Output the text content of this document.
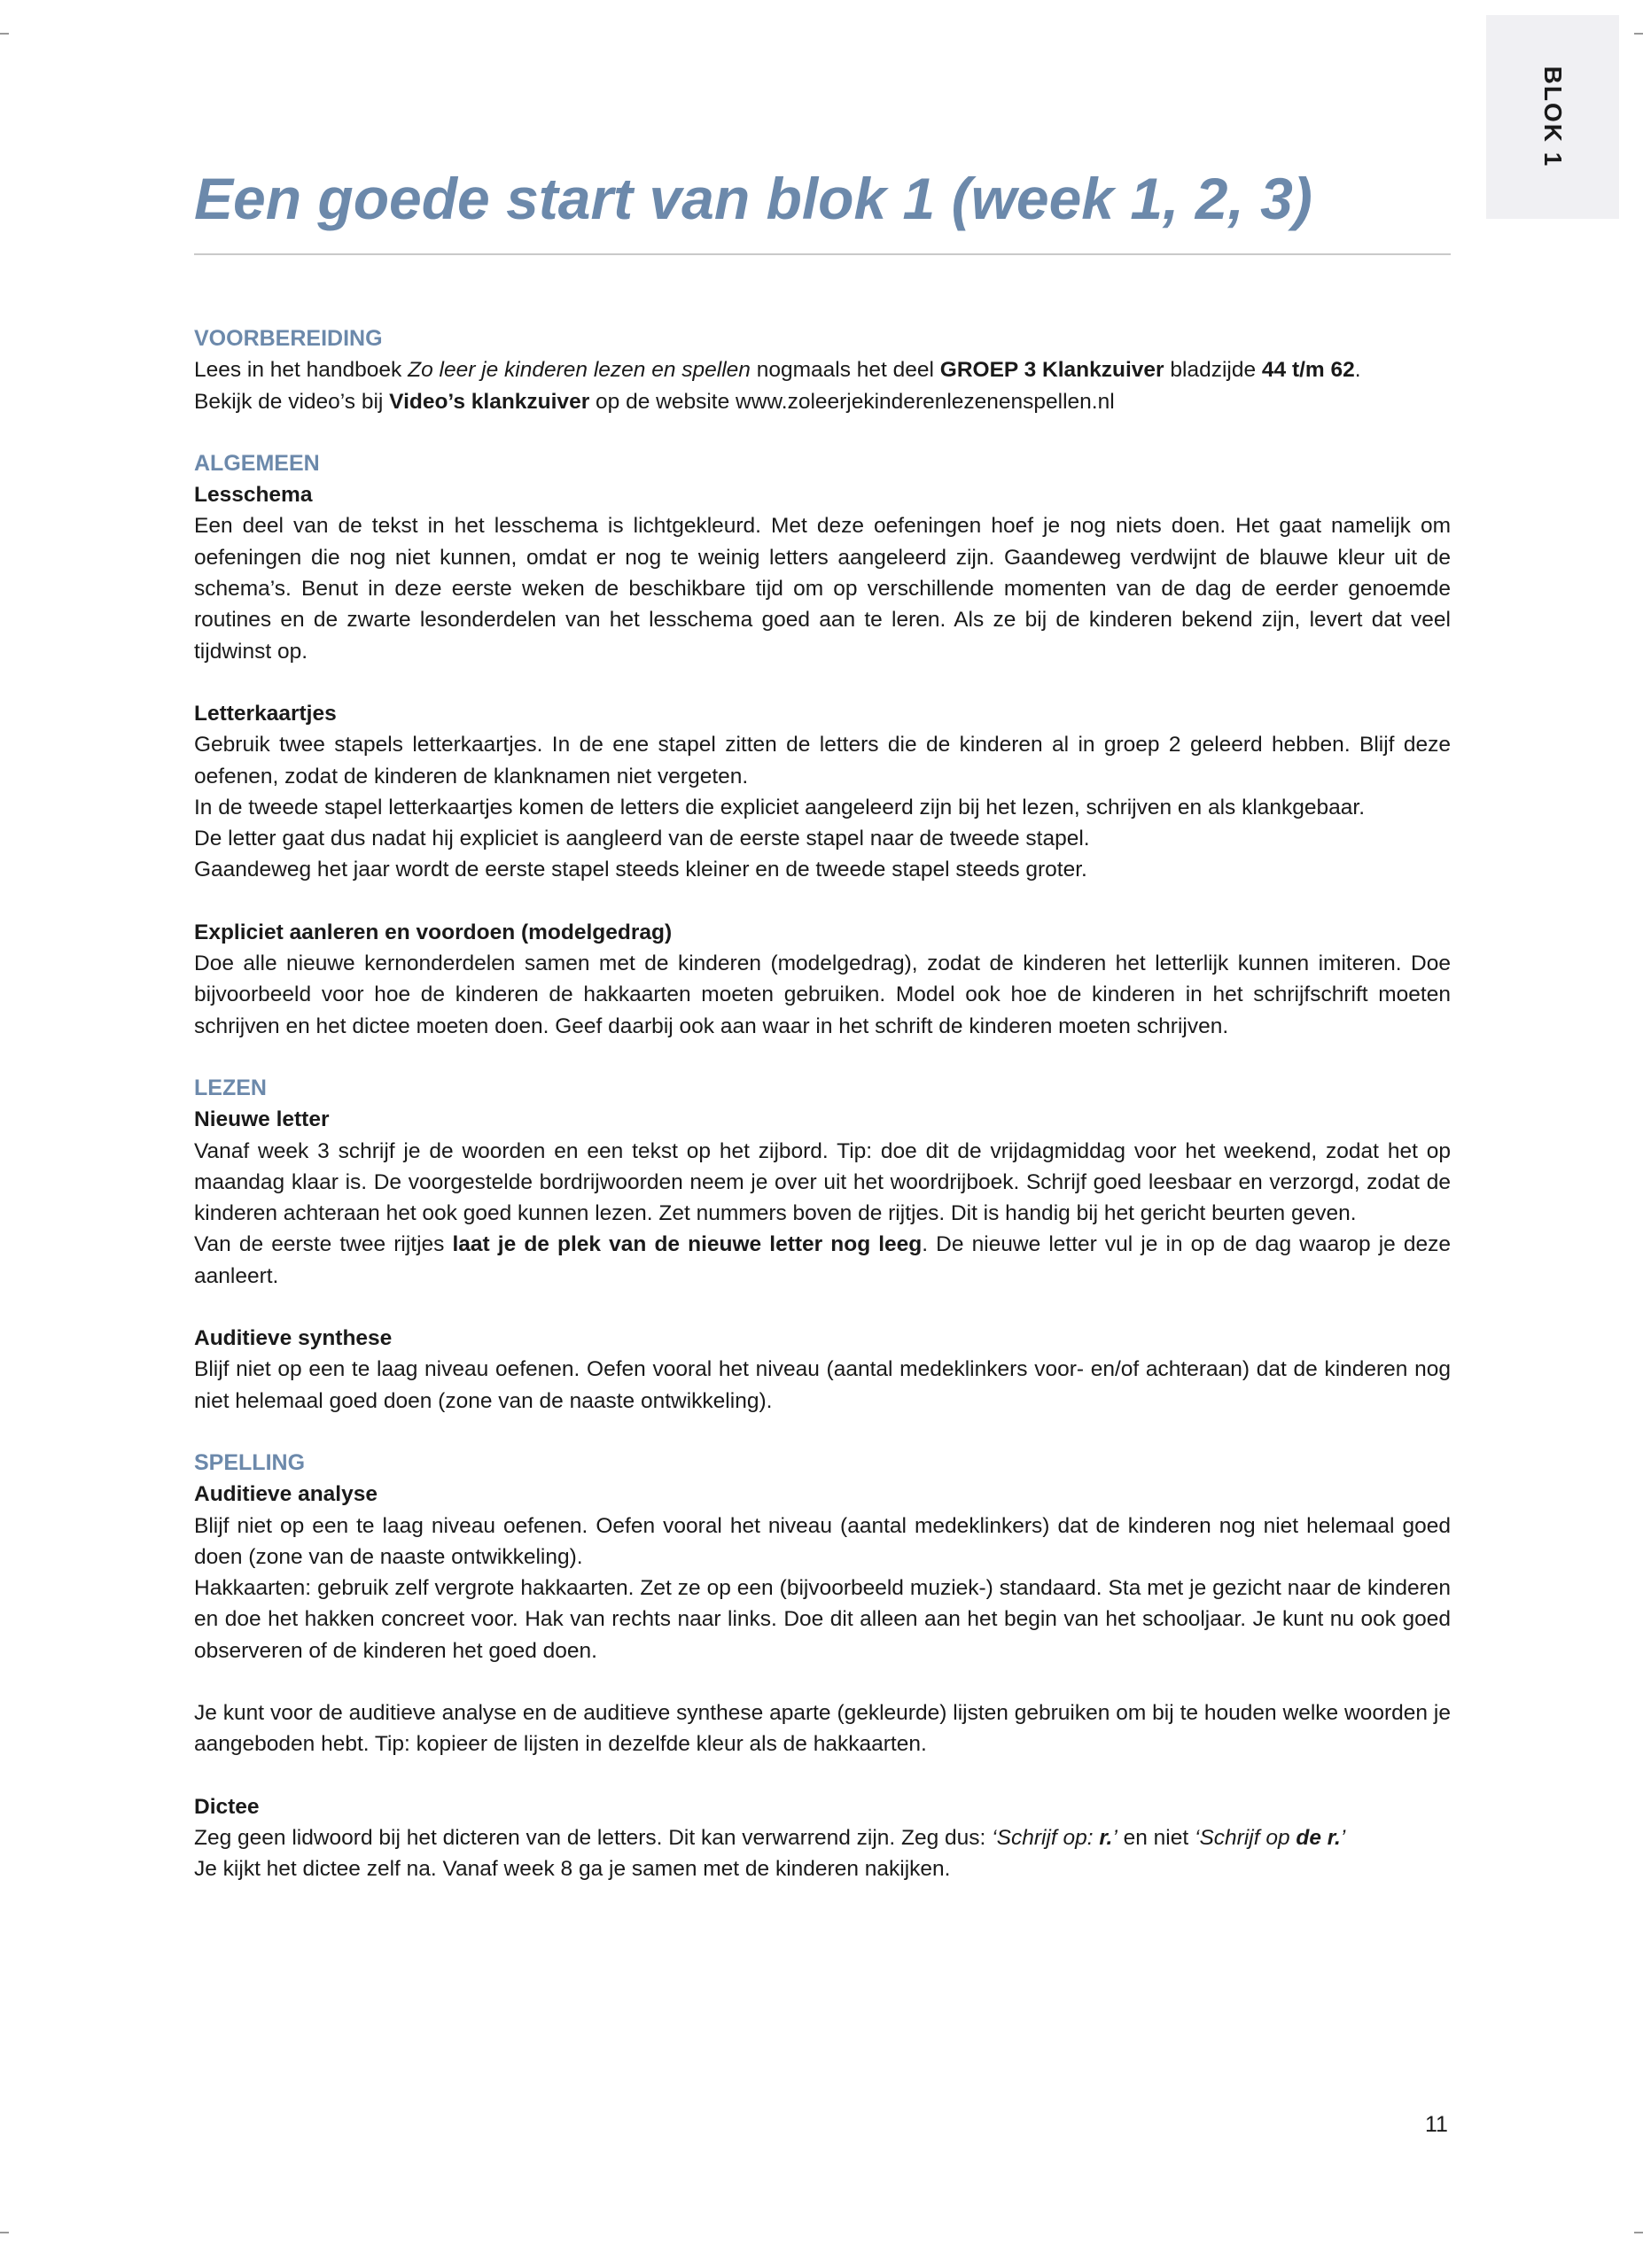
BLOK 1
Een goede start van blok 1 (week 1, 2, 3)
VOORBEREIDING

Lees in het handboek Zo leer je kinderen lezen en spellen nogmaals het deel GROEP 3 Klankzuiver bladzijde 44 t/m 62.

Bekijk de video’s bij Video’s klankzuiver op de website www.zoleerjekinderenlezenenspellen.nl

ALGEMEEN
Lesschema

Een deel van de tekst in het lesschema is lichtgekleurd. Met deze oefeningen hoef je nog niets doen. Het gaat namelijk om oefeningen die nog niet kunnen, omdat er nog te weinig letters aangeleerd zijn. Gaandeweg verdwijnt de blauwe kleur uit de schema’s. Benut in deze eerste weken de beschikbare tijd om op verschillende momenten van de dag de eerder genoemde routines en de zwarte lesonderdelen van het lesschema goed aan te leren. Als ze bij de kinderen bekend zijn, levert dat veel tijdwinst op.

Letterkaartjes

Gebruik twee stapels letterkaartjes. In de ene stapel zitten de letters die de kinderen al in groep 2 geleerd hebben. Blijf deze oefenen, zodat de kinderen de klanknamen niet vergeten.

In de tweede stapel letterkaartjes komen de letters die expliciet aangeleerd zijn bij het lezen, schrijven en als klankgebaar.

De letter gaat dus nadat hij expliciet is aangleerd van de eerste stapel naar de tweede stapel.

Gaandeweg het jaar wordt de eerste stapel steeds kleiner en de tweede stapel steeds groter.

Expliciet aanleren en voordoen (modelgedrag)

Doe alle nieuwe kernonderdelen samen met de kinderen (modelgedrag), zodat de kinderen het letterlijk kunnen imiteren. Doe bijvoorbeeld voor hoe de kinderen de hakkaarten moeten gebruiken. Model ook hoe de kinderen in het schrijfschrift moeten schrijven en het dictee moeten doen. Geef daarbij ook aan waar in het schrift de kinderen moeten schrijven.

LEZEN
Nieuwe letter

Vanaf week 3 schrijf je de woorden en een tekst op het zijbord. Tip: doe dit de vrijdagmiddag voor het weekend, zodat het op maandag klaar is. De voorgestelde bordrijwoorden neem je over uit het woordrijboek. Schrijf goed leesbaar en verzorgd, zodat de kinderen achteraan het ook goed kunnen lezen. Zet nummers boven de rijtjes. Dit is handig bij het gericht beurten geven.

Van de eerste twee rijtjes laat je de plek van de nieuwe letter nog leeg. De nieuwe letter vul je in op de dag waarop je deze aanleert.

Auditieve synthese

Blijf niet op een te laag niveau oefenen. Oefen vooral het niveau (aantal medeklinkers voor- en/of achteraan) dat de kinderen nog niet helemaal goed doen (zone van de naaste ontwikkeling).

SPELLING
Auditieve analyse

Blijf niet op een te laag niveau oefenen. Oefen vooral het niveau (aantal medeklinkers) dat de kinderen nog niet helemaal goed doen (zone van de naaste ontwikkeling).

Hakkaarten: gebruik zelf vergrote hakkaarten. Zet ze op een (bijvoorbeeld muziek-) standaard. Sta met je gezicht naar de kinderen en doe het hakken concreet voor. Hak van rechts naar links. Doe dit alleen aan het begin van het schooljaar. Je kunt nu ook goed observeren of de kinderen het goed doen.

Je kunt voor de auditieve analyse en de auditieve synthese aparte (gekleurde) lijsten gebruiken om bij te houden welke woorden je aangeboden hebt. Tip: kopieer de lijsten in dezelfde kleur als de hakkaarten.

Dictee

Zeg geen lidwoord bij het dicteren van de letters. Dit kan verwarrend zijn. Zeg dus: ‘Schrijf op: r.’ en niet ‘Schrijf op de r.’

Je kijkt het dictee zelf na. Vanaf week 8 ga je samen met de kinderen nakijken.

11
